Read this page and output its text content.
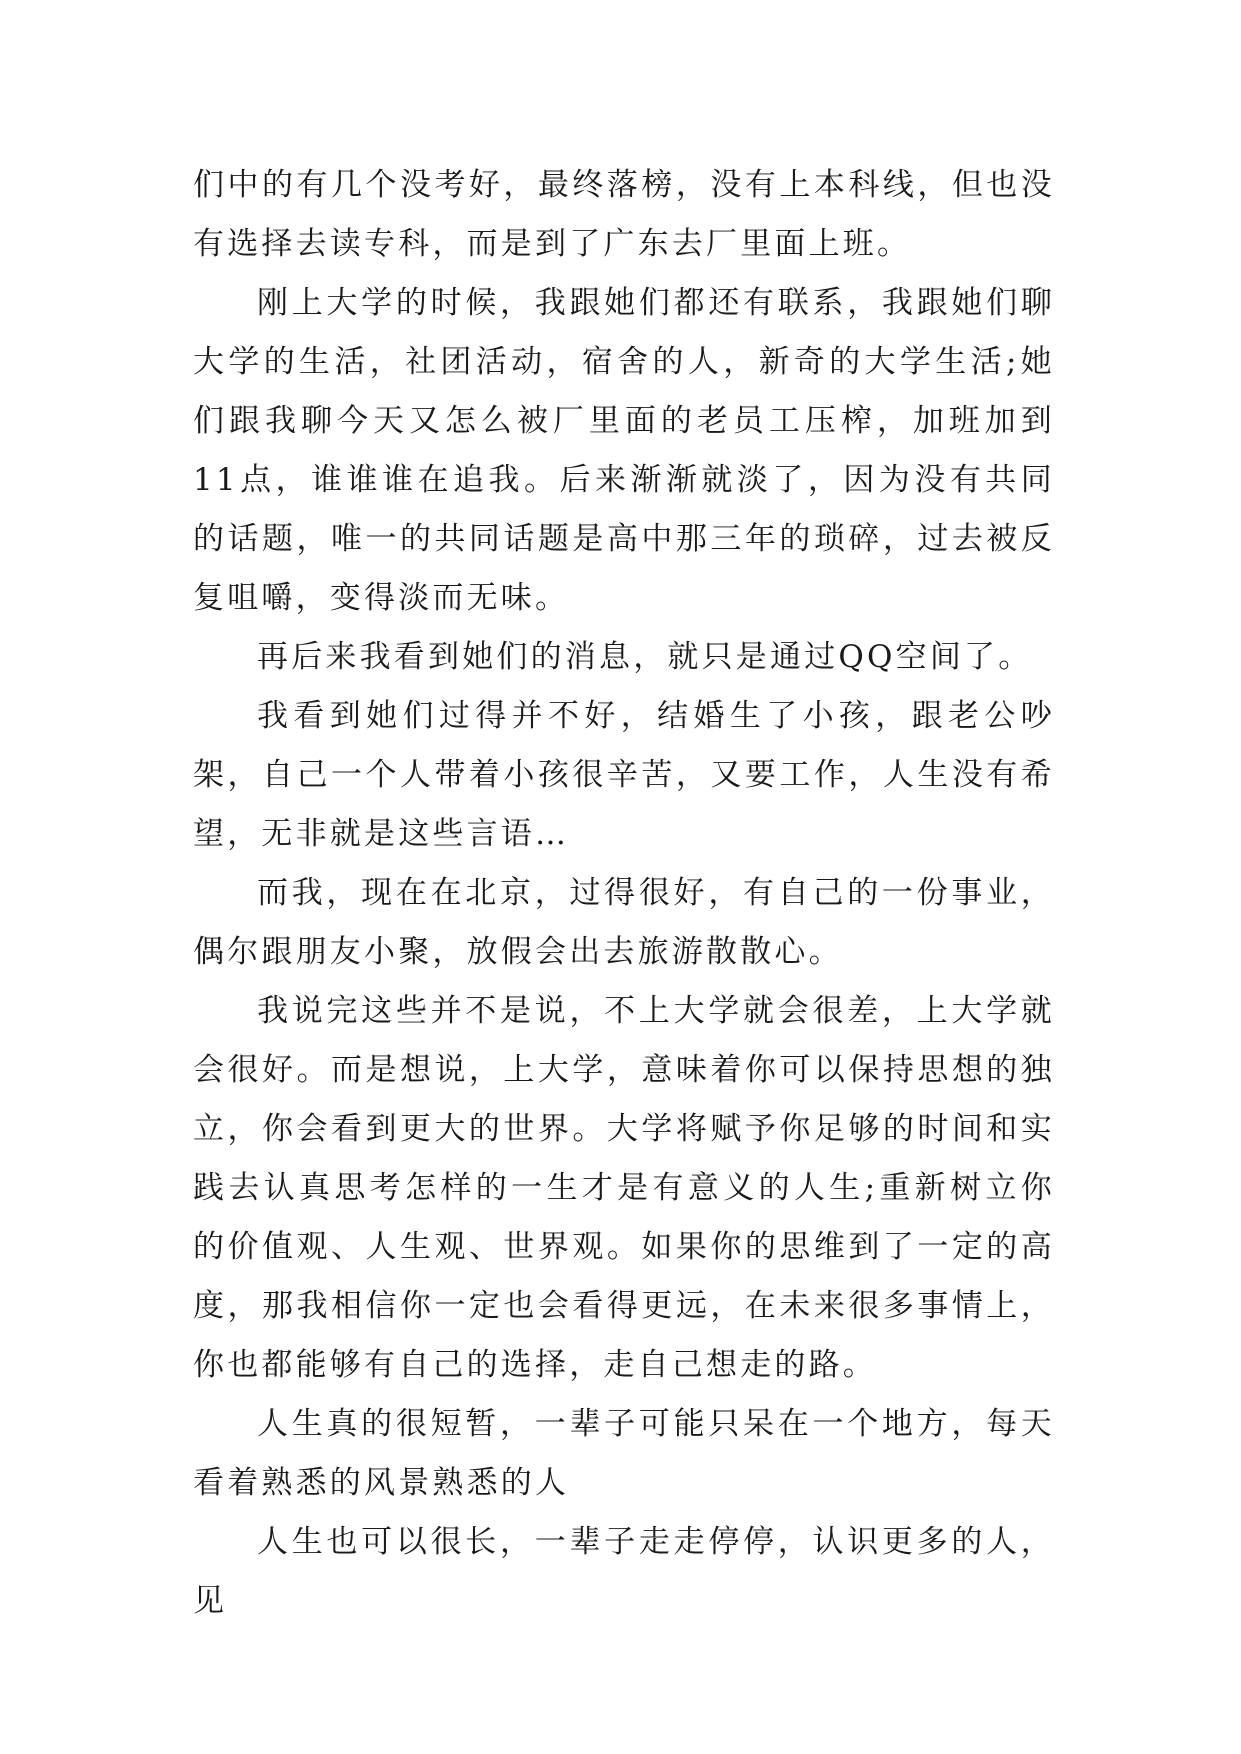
们中的有几个没考好，最终落榜，没有上本科线，但也没有选择去读专科，而是到了广东去厂里面上班。

刚上大学的时候，我跟她们都还有联系，我跟她们聊大学的生活，社团活动，宿舍的人，新奇的大学生活;她们跟我聊今天又怎么被厂里面的老员工压榨，加班加到11点，谁谁谁在追我。后来渐渐就淡了，因为没有共同的话题，唯一的共同话题是高中那三年的琐碎，过去被反复咀嚼，变得淡而无味。

再后来我看到她们的消息，就只是通过QQ空间了。

我看到她们过得并不好，结婚生了小孩，跟老公吵架，自己一个人带着小孩很辛苦，又要工作，人生没有希望，无非就是这些言语…

而我，现在在北京，过得很好，有自己的一份事业，偶尔跟朋友小聚，放假会出去旅游散散心。

我说完这些并不是说，不上大学就会很差，上大学就会很好。而是想说，上大学，意味着你可以保持思想的独立，你会看到更大的世界。大学将赋予你足够的时间和实践去认真思考怎样的一生才是有意义的人生;重新树立你的价值观、人生观、世界观。如果你的思维到了一定的高度，那我相信你一定也会看得更远，在未来很多事情上，你也都能够有自己的选择，走自己想走的路。

人生真的很短暂，一辈子可能只呆在一个地方，每天看着熟悉的风景熟悉的人

人生也可以很长，一辈子走走停停，认识更多的人，见
